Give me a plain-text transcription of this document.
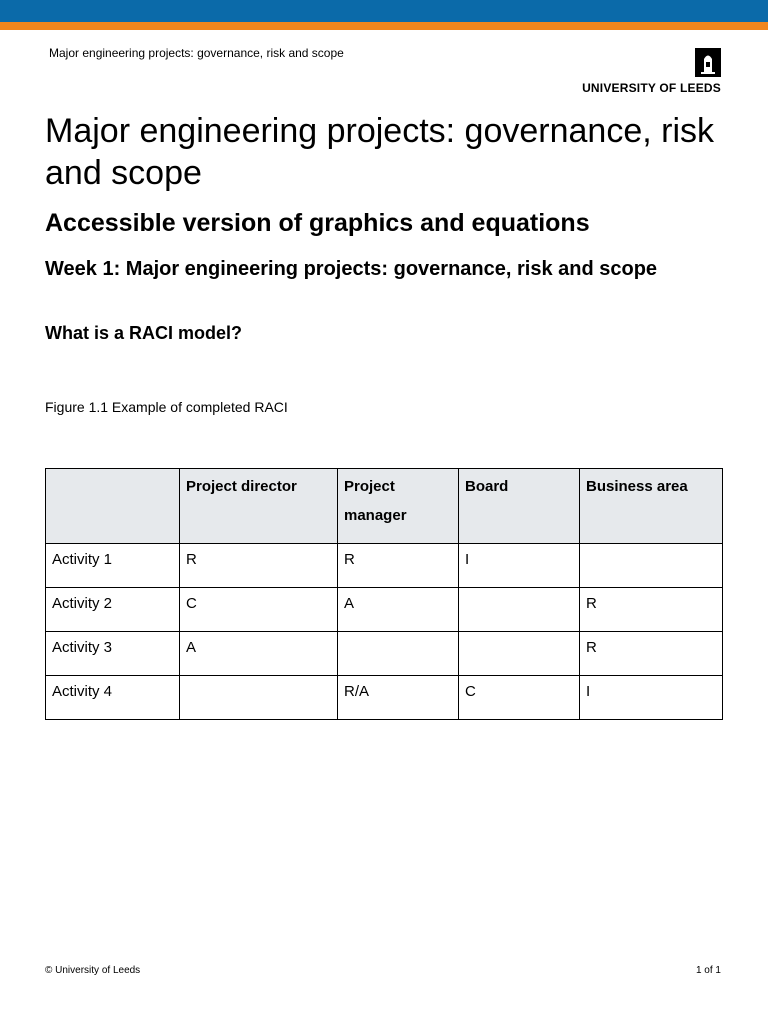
Major engineering projects: governance, risk and scope
UNIVERSITY OF LEEDS
Major engineering projects: governance, risk and scope
Accessible version of graphics and equations
Week 1: Major engineering projects: governance, risk and scope
What is a RACI model?
Figure 1.1 Example of completed RACI
	Project director	Project manager	Board	Business area
Activity 1	R	R	I	
Activity 2	C	A		R
Activity 3	A			R
Activity 4		R/A	C	I
© University of Leeds	1 of 1
